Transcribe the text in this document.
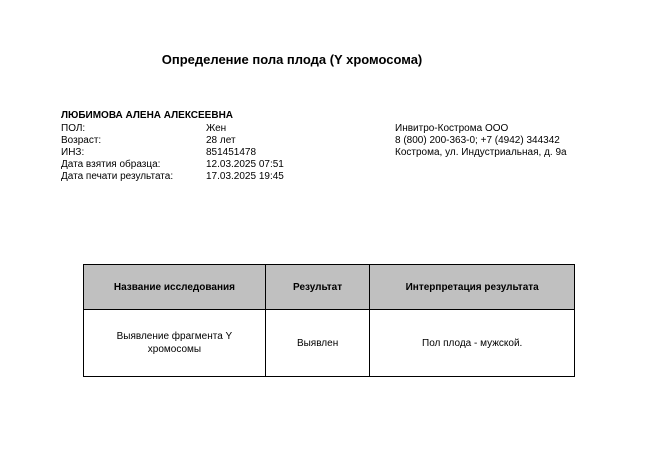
Определение пола плода (Y хромосома)
ЛЮБИМОВА АЛЕНА АЛЕКСЕЕВНА
ПОЛ:	Жен
Возраст:	28 лет
ИНЗ:	851451478
Дата взятия образца:	12.03.2025 07:51
Дата печати результата:	17.03.2025 19:45
Инвитро-Кострома ООО
8 (800) 200-363-0; +7 (4942) 344342
Кострома, ул. Индустриальная, д. 9а
Название исследования	Результат	Интерпретация результата
Выявление фрагмента Y хромосомы	Выявлен	Пол плода - мужской.
